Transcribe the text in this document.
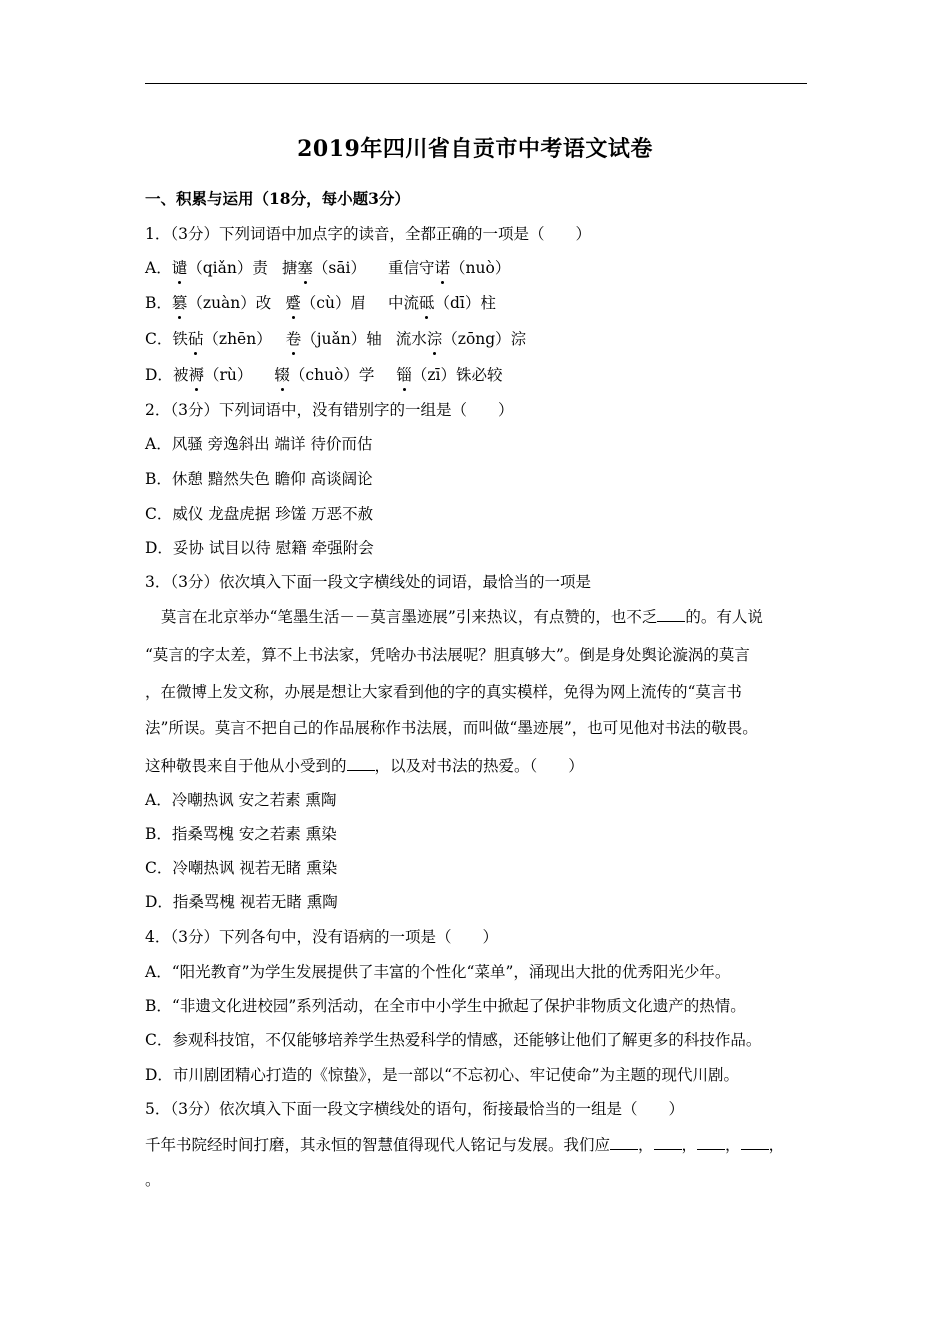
2019年四川省自贡市中考语文试卷
一、积累与运用（18分，每小题3分）
1．（3分）下列词语中加点字的读音，全都正确的一项是（　　）
A．谴（qiǎn）责 搪塞（sāi） 重信守诺（nuò）
B．篡（zuàn）改 蹙（cù）眉 中流砥（dī）柱
C．铁砧（zhēn） 卷（juǎn）轴 流水淙（zōng）淙
D．被褥（rù） 辍（chuò）学 锱（zī）铢必较
2．（3分）下列词语中，没有错别字的一组是（　　）
A．风骚 旁逸斜出 端详 待价而估
B．休憩 黯然失色 瞻仰 高谈阔论
C．威仪 龙盘虎据 珍馐 万恶不赦
D．妥协 试目以待 慰籍 牵强附会
3．（3分）依次填入下面一段文字横线处的词语，最恰当的一项是
莫言在北京举办“笔墨生活－－莫言墨迹展”引来热议，有点赞的，也不乏 的。有人说
“莫言的字太差，算不上书法家，凭啥办书法展呢？胆真够大”。倒是身处舆论漩涡的莫言
，在微博上发文称，办展是想让大家看到他的字的真实模样，免得为网上流传的“莫言书
法”所误。莫言不把自己的作品展称作书法展，而叫做“墨迹展”，也可见他对书法的敬畏。
这种敬畏来自于他从小受到的 ，以及对书法的热爱。（　　）
A．冷嘲热讽 安之若素 熏陶
B．指桑骂槐 安之若素 熏染
C．冷嘲热讽 视若无睹 熏染
D．指桑骂槐 视若无睹 熏陶
4．（3分）下列各句中，没有语病的一项是（　　）
A．“阳光教育”为学生发展提供了丰富的个性化“菜单”，涌现出大批的优秀阳光少年。
B．“非遗文化进校园”系列活动，在全市中小学生中掀起了保护非物质文化遗产的热情。
C．参观科技馆，不仅能够培养学生热爱科学的情感，还能够让他们了解更多的科技作品。
D．市川剧团精心打造的《惊蛰》，是一部以“不忘初心、牢记使命”为主题的现代川剧。
5．（3分）依次填入下面一段文字横线处的语句，衔接最恰当的一组是（　　）
千年书院经时间打磨，其永恒的智慧值得现代人铭记与发展。我们应 ， ， ， ，
。
